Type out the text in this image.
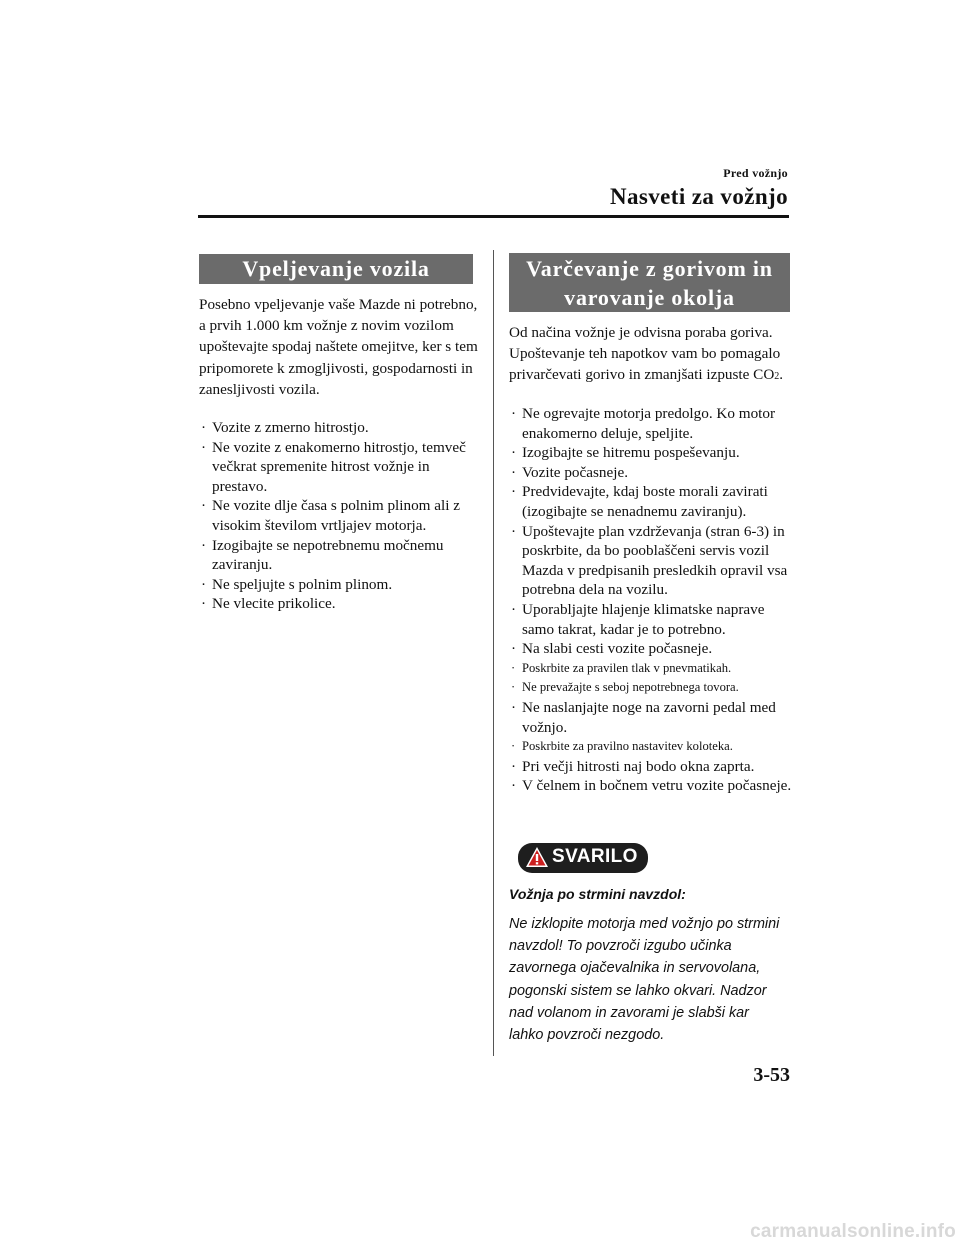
Pred vožnjo
Nasveti za vožnjo
Vpeljevanje vozila
Posebno vpeljevanje vaše Mazde ni potrebno, a prvih 1.000 km vožnje z novim vozilom upoštevajte spodaj naštete omejitve, ker s tem pripomorete k zmogljivosti, gospodarnosti in zanesljivosti vozila.
· Vozite z zmerno hitrostjo.
· Ne vozite z enakomerno hitrostjo, temveč večkrat spremenite hitrost vožnje in prestavo.
· Ne vozite dlje časa s polnim plinom ali z visokim številom vrtljajev motorja.
· Izogibajte se nepotrebnemu močnemu zaviranju.
· Ne speljujte s polnim plinom.
· Ne vlecite prikolice.
Varčevanje z gorivom in
varovanje okolja
Od načina vožnje je odvisna poraba goriva. Upoštevanje teh napotkov vam bo pomagalo privarčevati gorivo in zmanjšati izpuste CO2.
· Ne ogrevajte motorja predolgo. Ko motor enakomerno deluje, speljite.
· Izogibajte se hitremu pospeševanju.
· Vozite počasneje.
· Predvidevajte, kdaj boste morali zavirati (izogibajte se nenadnemu zaviranju).
· Upoštevajte plan vzdrževanja (stran 6-3) in poskrbite, da bo pooblaščeni servis vozil Mazda v predpisanih presledkih opravil vsa potrebna dela na vozilu.
· Uporabljajte hlajenje klimatske naprave samo takrat, kadar je to potrebno.
· Na slabi cesti vozite počasneje.
· Poskrbite za pravilen tlak v pnevmatikah.
· Ne prevažajte s seboj nepotrebnega tovora.
· Ne naslanjajte noge na zavorni pedal med vožnjo.
· Poskrbite za pravilno nastavitev koloteka.
· Pri večji hitrosti naj bodo okna zaprta.
· V čelnem in bočnem vetru vozite počasneje.
SVARILO
Vožnja po strmini navzdol:
Ne izklopite motorja med vožnjo po strmini
navzdol! To povzroči izgubo učinka
zavornega ojačevalnika in servovolana,
pogonski sistem se lahko okvari. Nadzor
nad volanom in zavorami je slabši kar
lahko povzroči nezgodo.
3-53
carmanualsonline.info
